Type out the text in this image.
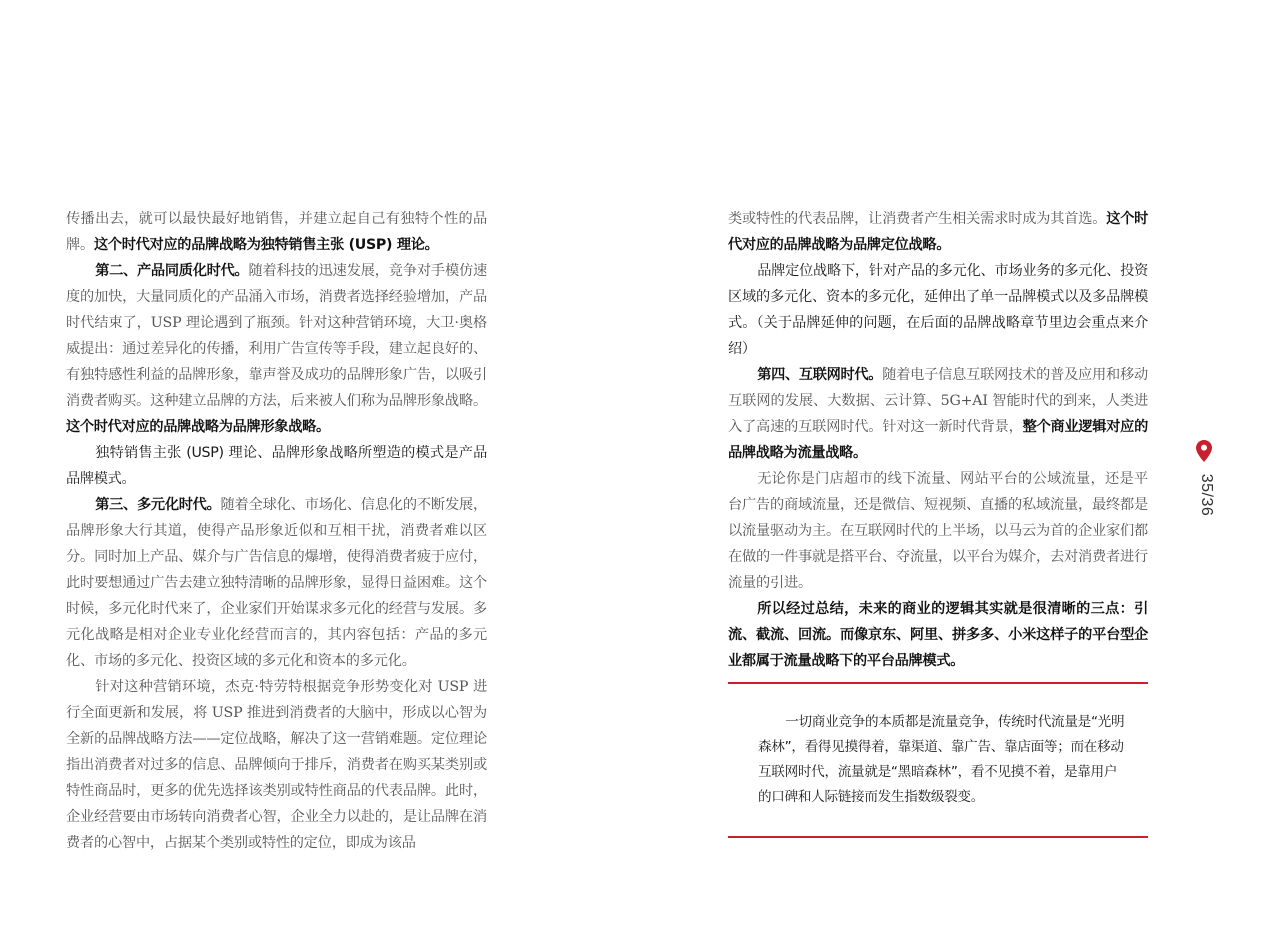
传播出去，就可以最快最好地销售，并建立起自己有独特个性的品牌。这个时代对应的品牌战略为独特销售主张 (USP) 理论。

第二、产品同质化时代。随着科技的迅速发展，竞争对手模仿速度的加快，大量同质化的产品涌入市场，消费者选择经验增加，产品时代结束了，USP 理论遇到了瓶颈。针对这种营销环境，大卫·奥格威提出：通过差异化的传播，利用广告宣传等手段，建立起良好的、有独特感性利益的品牌形象，靠声誉及成功的品牌形象广告，以吸引消费者购买。这种建立品牌的方法，后来被人们称为品牌形象战略。这个时代对应的品牌战略为品牌形象战略。

独特销售主张 (USP) 理论、品牌形象战略所塑造的模式是产品品牌模式。

第三、多元化时代。随着全球化、市场化、信息化的不断发展，品牌形象大行其道，使得产品形象近似和互相干扰，消费者难以区分。同时加上产品、媒介与广告信息的爆增，使得消费者疲于应付，此时要想通过广告去建立独特清晰的品牌形象，显得日益困难。这个时候，多元化时代来了，企业家们开始谋求多元化的经营与发展。多元化战略是相对企业专业化经营而言的，其内容包括：产品的多元化、市场的多元化、投资区域的多元化和资本的多元化。

针对这种营销环境，杰克·特劳特根据竞争形势变化对 USP 进行全面更新和发展，将 USP 推进到消费者的大脑中，形成以心智为全新的品牌战略方法——定位战略，解决了这一营销难题。定位理论指出消费者对过多的信息、品牌倾向于排斥，消费者在购买某类别或特性商品时，更多的优先选择该类别或特性商品的代表品牌。此时，企业经营要由市场转向消费者心智，企业全力以赴的，是让品牌在消费者的心智中，占据某个类别或特性的定位，即成为该品

类或特性的代表品牌，让消费者产生相关需求时成为其首选。这个时代对应的品牌战略为品牌定位战略。

品牌定位战略下，针对产品的多元化、市场业务的多元化、投资区域的多元化、资本的多元化，延伸出了单一品牌模式以及多品牌模式。（关于品牌延伸的问题，在后面的品牌战略章节里边会重点来介绍）

第四、互联网时代。随着电子信息互联网技术的普及应用和移动互联网的发展、大数据、云计算、5G+AI 智能时代的到来，人类进入了高速的互联网时代。针对这一新时代背景，整个商业逻辑对应的品牌战略为流量战略。

无论你是门店超市的线下流量、网站平台的公域流量，还是平台广告的商域流量，还是微信、短视频、直播的私域流量，最终都是以流量驱动为主。在互联网时代的上半场，以马云为首的企业家们都在做的一件事就是搭平台、夺流量，以平台为媒介，去对消费者进行流量的引进。

所以经过总结，未来的商业的逻辑其实就是很清晰的三点：引流、截流、回流。而像京东、阿里、拼多多、小米这样子的平台型企业都属于流量战略下的平台品牌模式。

一切商业竞争的本质都是流量竞争，传统时代流量是“光明森林”，看得见摸得着，靠渠道、靠广告、靠店面等；而在移动互联网时代，流量就是“黑暗森林”，看不见摸不着，是靠用户的口碑和人际链接而发生指数级裂变。
35/36
